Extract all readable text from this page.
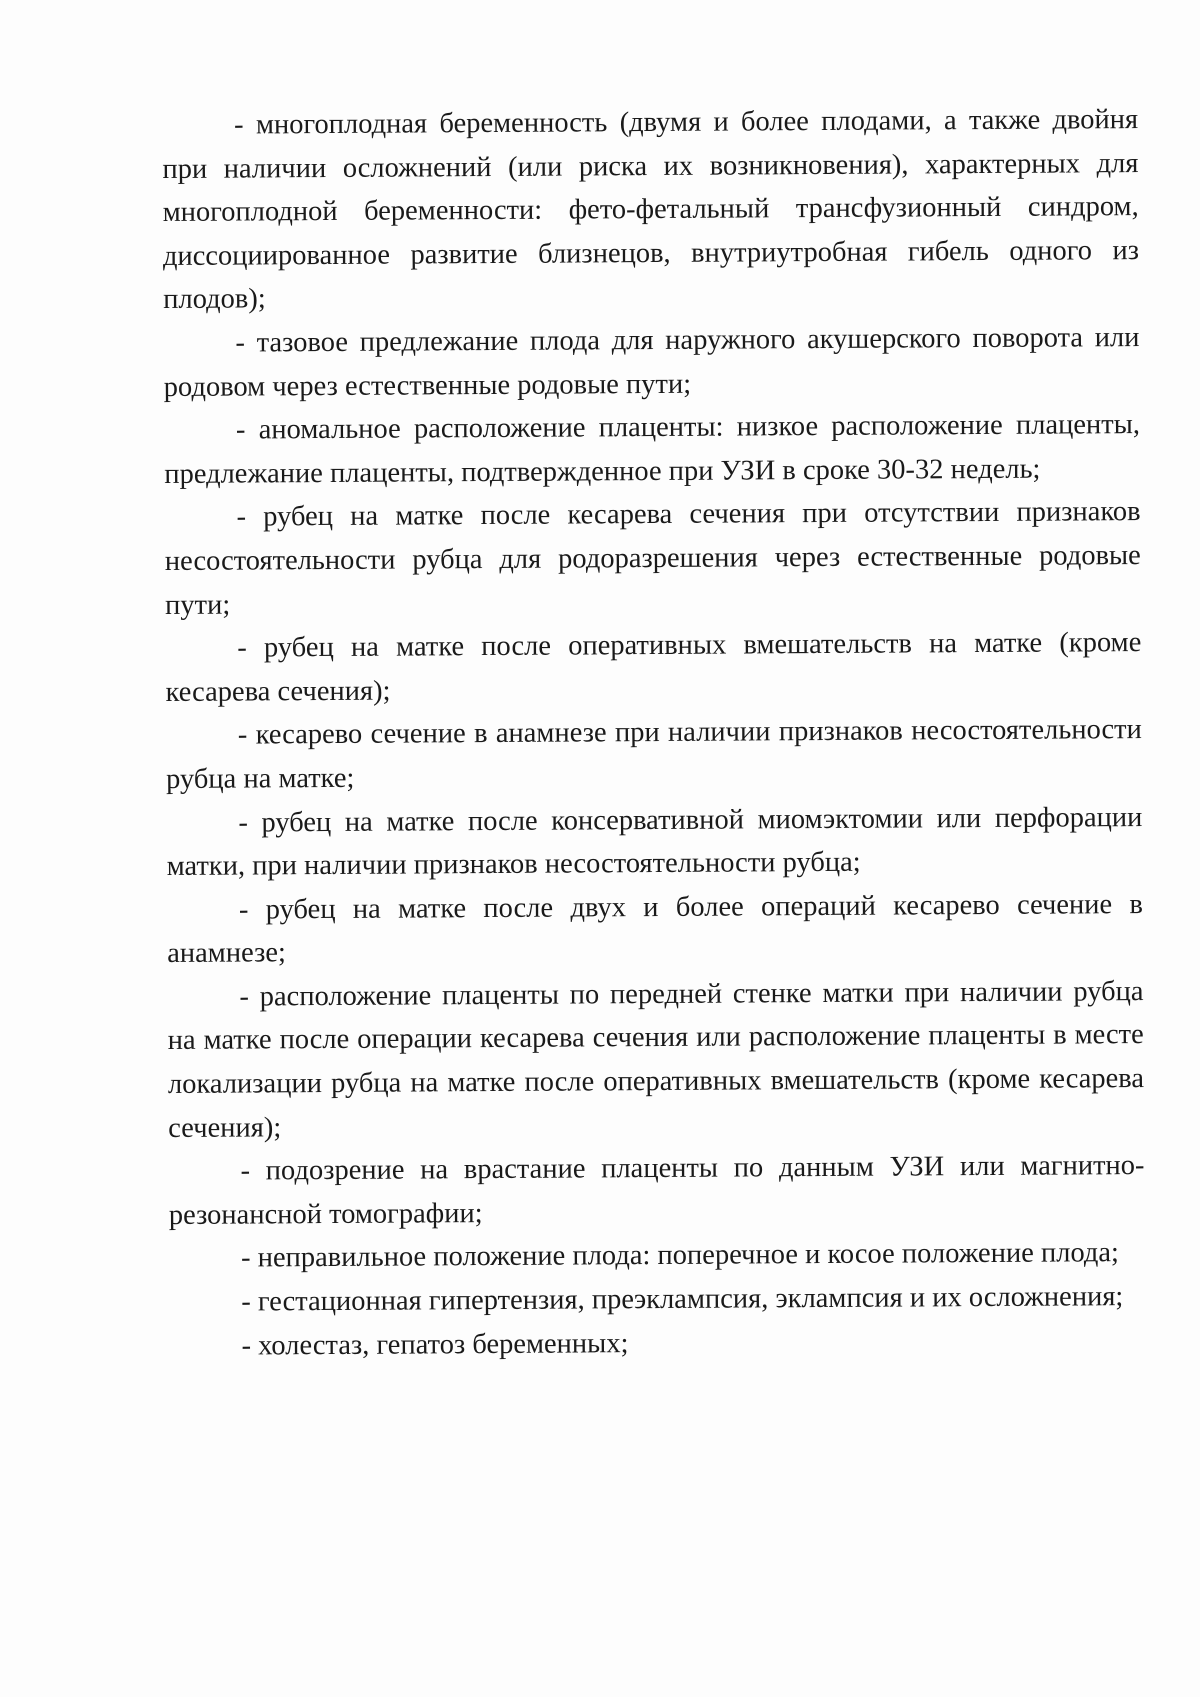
- многоплодная беременность (двумя и более плодами, а также двойня при наличии осложнений (или риска их возникновения), характерных для многоплодной беременности: фето-фетальный трансфузионный синдром, диссоциированное развитие близнецов, внутриутробная гибель одного из плодов);

- тазовое предлежание плода для наружного акушерского поворота или родовом через естественные родовые пути;

- аномальное расположение плаценты: низкое расположение плаценты, предлежание плаценты, подтвержденное при УЗИ в сроке 30-32 недель;

- рубец на матке после кесарева сечения при отсутствии признаков несостоятельности рубца для родоразрешения через естественные родовые пути;

- рубец на матке после оперативных вмешательств на матке (кроме кесарева сечения);

- кесарево сечение в анамнезе при наличии признаков несостоятельности рубца на матке;

- рубец на матке после консервативной миомэктомии или перфорации матки, при наличии признаков несостоятельности рубца;

- рубец на матке после двух и более операций кесарево сечение в анамнезе;

- расположение плаценты по передней стенке матки при наличии рубца на матке после операции кесарева сечения или расположение плаценты в месте локализации рубца на матке после оперативных вмешательств (кроме кесарева сечения);

- подозрение на врастание плаценты по данным УЗИ или магнитно-резонансной томографии;

- неправильное положение плода: поперечное и косое положение плода;

- гестационная гипертензия, преэклампсия, эклампсия и их осложнения;

- холестаз, гепатоз беременных;
